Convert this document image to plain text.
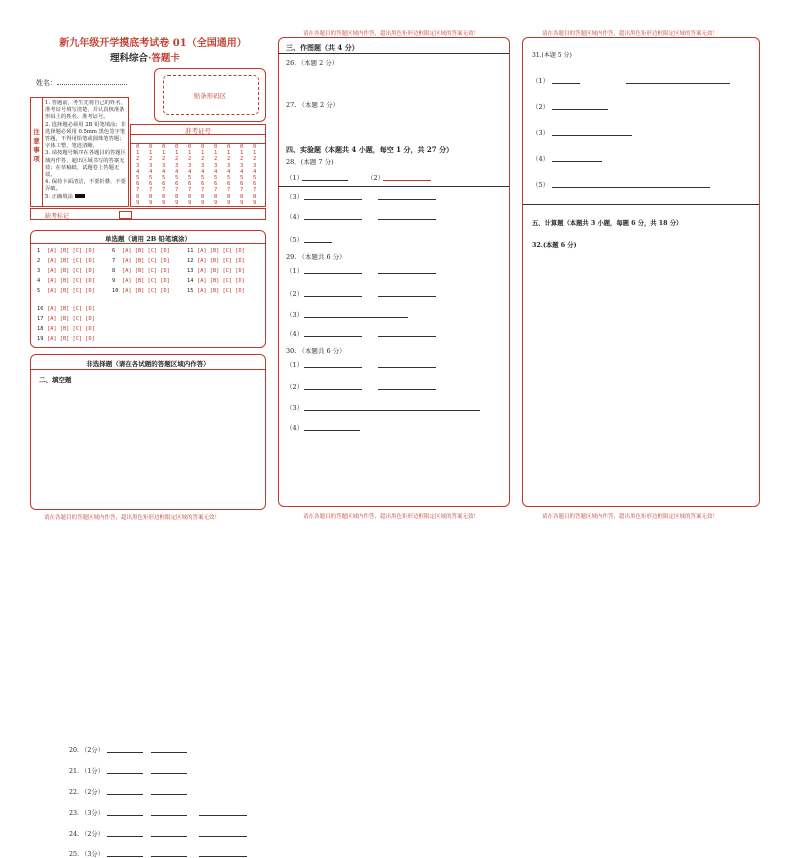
新九年级开学摸底考试卷 01（全国通用）
理科综合·答题卡
姓名：
贴条形码区
注
意
事
项
1. 答题前，考生先将自己的姓名、准考证号填写清楚，并认真核准条形码上的姓名、准考证号。
2. 选择题必须用 2B 铅笔填涂；非选择题必须用 0.5mm 黑色签字笔答题，不得用铅笔或圆珠笔答题；字体工整、笔迹清晰。
3. 请按题号顺序在各题目的答题区域内作答，超出区域书写的答案无效；在草稿纸、试题卷上答题无效。
4. 保持卡面清洁，不要折叠、不要弄破。
5. 正确填涂
准考证号
0
1
2
3
4
5
6
7
8
9
0
1
2
3
4
5
6
7
8
9
0
1
2
3
4
5
6
7
8
9
0
1
2
3
4
5
6
7
8
9
0
1
2
3
4
5
6
7
8
9
0
1
2
3
4
5
6
7
8
9
0
1
2
3
4
5
6
7
8
9
0
1
2
3
4
5
6
7
8
9
0
1
2
3
4
5
6
7
8
9
0
1
2
3
4
5
6
7
8
9
缺考标记
单选题（请用 2B 铅笔填涂）
1 [A] [B] [C] [D]
2 [A] [B] [C] [D]
3 [A] [B] [C] [D]
4 [A] [B] [C] [D]
5 [A] [B] [C] [D]
6 [A] [B] [C] [D]
7 [A] [B] [C] [D]
8 [A] [B] [C] [D]
9 [A] [B] [C] [D]
10 [A] [B] [C] [D]
11 [A] [B] [C] [D]
12 [A] [B] [C] [D]
13 [A] [B] [C] [D]
14 [A] [B] [C] [D]
15 [A] [B] [C] [D]
16 [A] [B] [C] [D]
17 [A] [B] [C] [D]
18 [A] [B] [C] [D]
19 [A] [B] [C] [D]
非选择题（请在各试题的答题区域内作答）
二、填空题
20. （2分）
21. （1分）
22. （2分）
23. （3分）
24. （2分）
25. （3分）
请在各题目的答题区域内作答，超出黑色矩形边框限定区域的答案无效！
请在各题目的答题区域内作答，超出黑色矩形边框限定区域的答案无效！
三、作图题（共 4 分）
26．（本题 2 分）
27. （本题 2 分）
四、实验题（本题共 4 小题，每空 1 分，共 27 分）
28．(本题 7 分)
（1）	（2）
（3）
（4）
（5）
29. （本题共 6 分）
（1）
（2）
（3）
（4）
30. （本题共 6 分）
（1）
（2）
（3）
（4）
请在各题目的答题区域内作答，超出黑色矩形边框限定区域的答案无效！
请在各题目的答题区域内作答，超出黑色矩形边框限定区域的答案无效！
31.(本题 5 分)
五、计算题（本题共 3 小题，每题 6 分，共 18 分）
32.(本题 6 分)
（1）
（2）
（3）
（4）
（5）
请在各题目的答题区域内作答，超出黑色矩形边框限定区域的答案无效！
